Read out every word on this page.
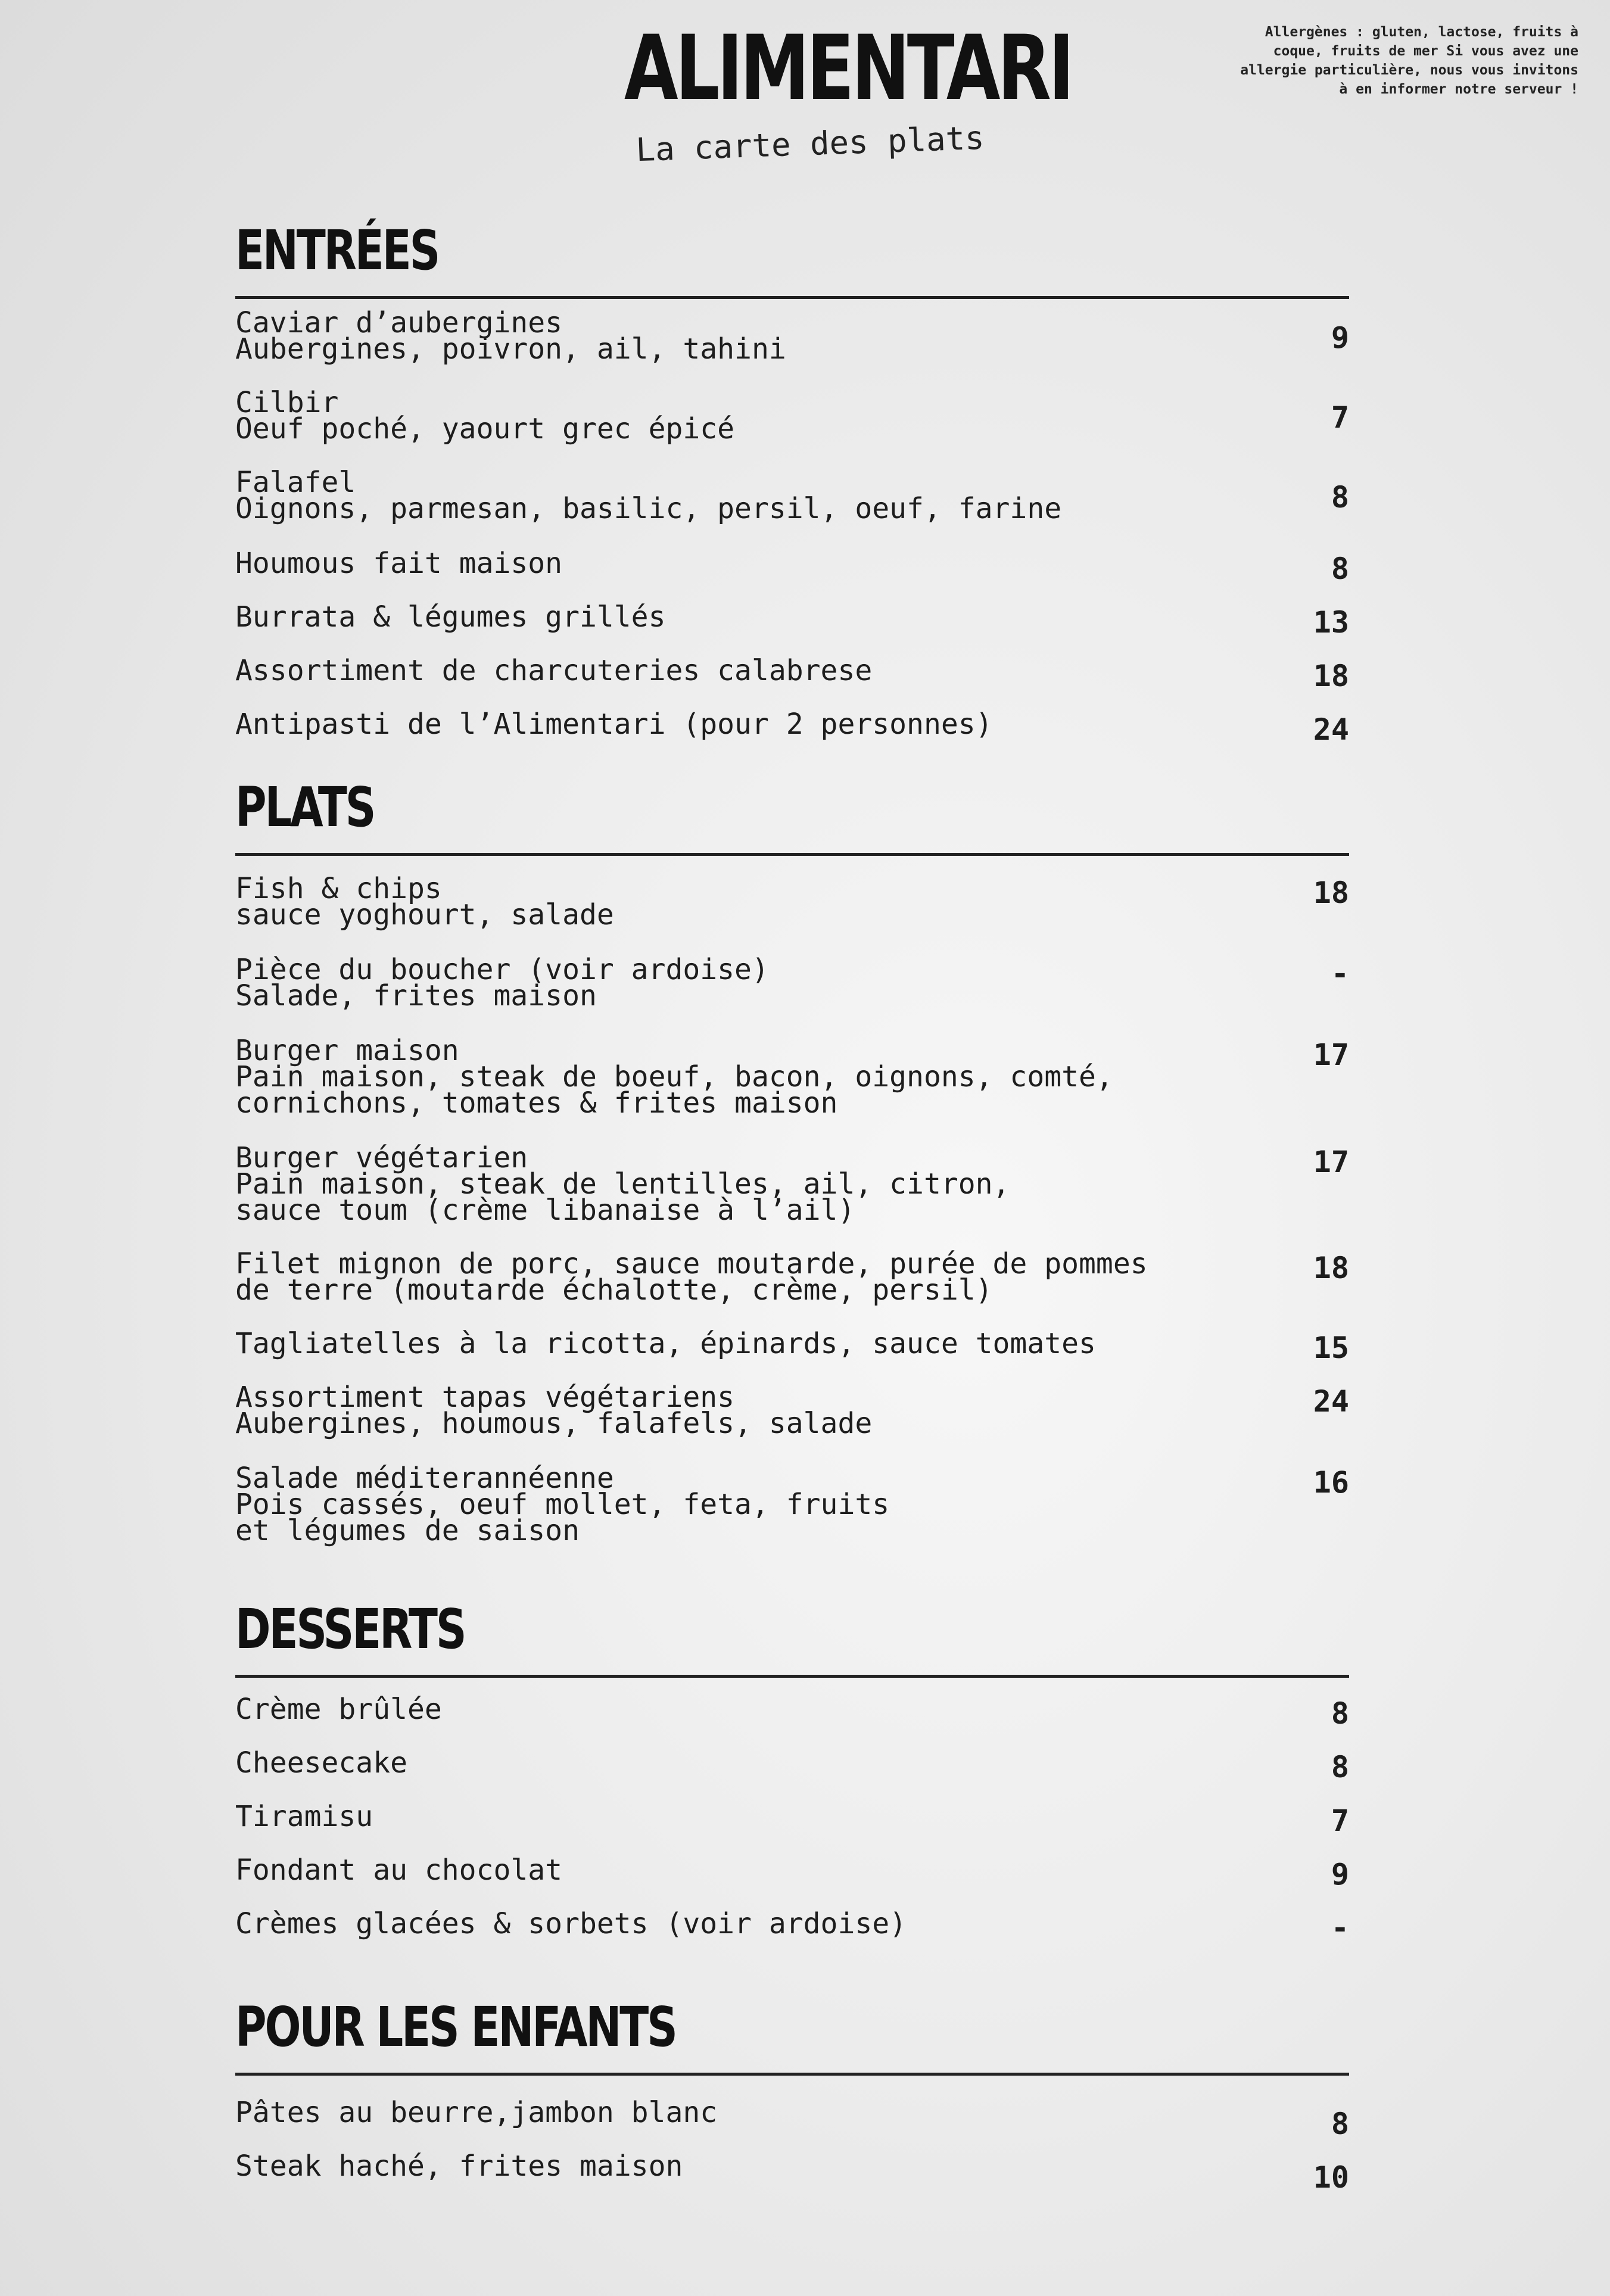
ALIMENTARI
La carte des plats
Allergènes : gluten, lactose, fruits à coque, fruits de mer Si vous avez une allergie particulière, nous vous invitons à en informer notre serveur !
ENTRÉES
Caviar d’aubergines
Aubergines, poivron, ail, tahini	9
Cilbir
Oeuf poché, yaourt grec épicé	7
Falafel
Oignons, parmesan, basilic, persil, oeuf, farine	8
Houmous fait maison	8
Burrata & légumes grillés	13
Assortiment de charcuteries calabrese	18
Antipasti de l’Alimentari (pour 2 personnes)	24
PLATS
Fish & chips
sauce yoghourt, salade
18
Pièce du boucher (voir ardoise)
Salade, frites maison
-
Burger maison
Pain maison, steak de boeuf, bacon, oignons, comté,
cornichons, tomates & frites maison
17
Burger végétarien
Pain maison, steak de lentilles, ail, citron,
sauce toum (crème libanaise à l’ail)
17
Filet mignon de porc, sauce moutarde, purée de pommes
de terre (moutarde échalotte, crème, persil)
18
Tagliatelles à la ricotta, épinards, sauce tomates	15
Assortiment tapas végétariens
Aubergines, houmous, falafels, salade
24
Salade méditerannéenne
Pois cassés, oeuf mollet, feta, fruits
et légumes de saison
16
DESSERTS
Crème brûlée	8
Cheesecake	8
Tiramisu	7
Fondant au chocolat	9
Crèmes glacées & sorbets (voir ardoise)	-
POUR LES ENFANTS
Pâtes au beurre,jambon blanc	8
Steak haché, frites maison	10
